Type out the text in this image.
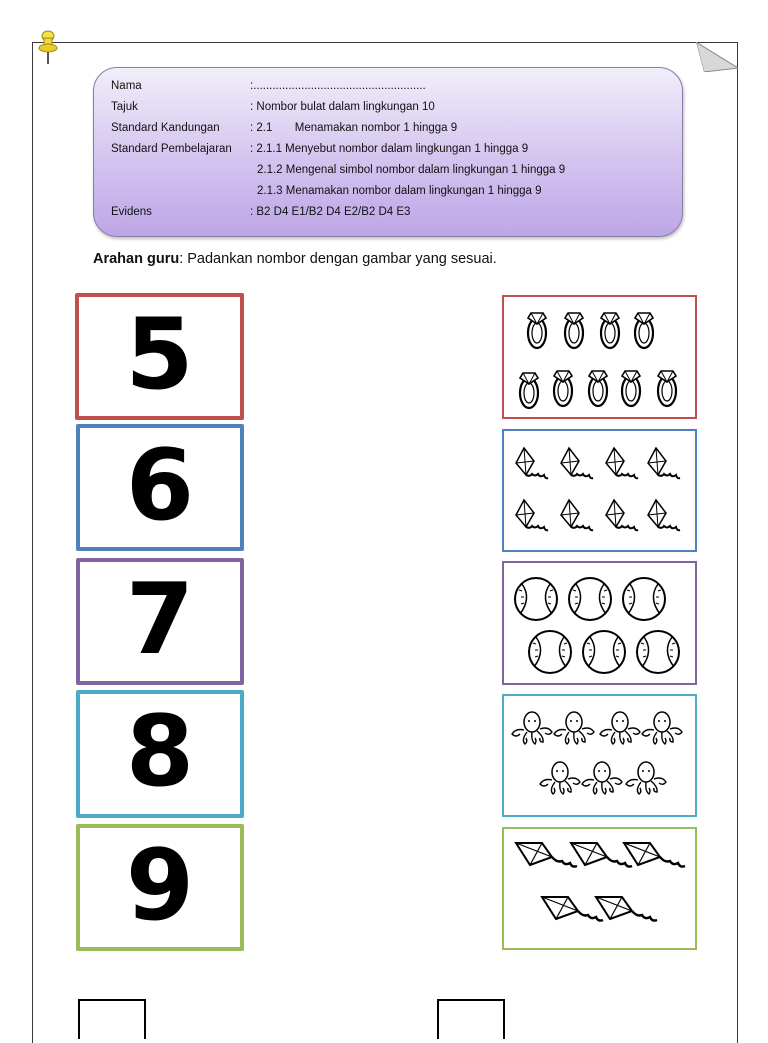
Nama	:......................................................
Tajuk	: Nombor bulat dalam lingkungan 10
Standard Kandungan	: 2.1       Menamakan nombor 1 hingga 9
Standard Pembelajaran : 2.1.1 Menyebut nombor dalam lingkungan 1 hingga 9
2.1.2 Mengenal simbol nombor dalam lingkungan 1 hingga 9
2.1.3 Menamakan nombor dalam lingkungan 1 hingga 9
Evidens	: B2 D4 E1/B2 D4 E2/B2 D4 E3
Arahan guru: Padankan nombor dengan gambar yang sesuai.
5
6
7
8
9
